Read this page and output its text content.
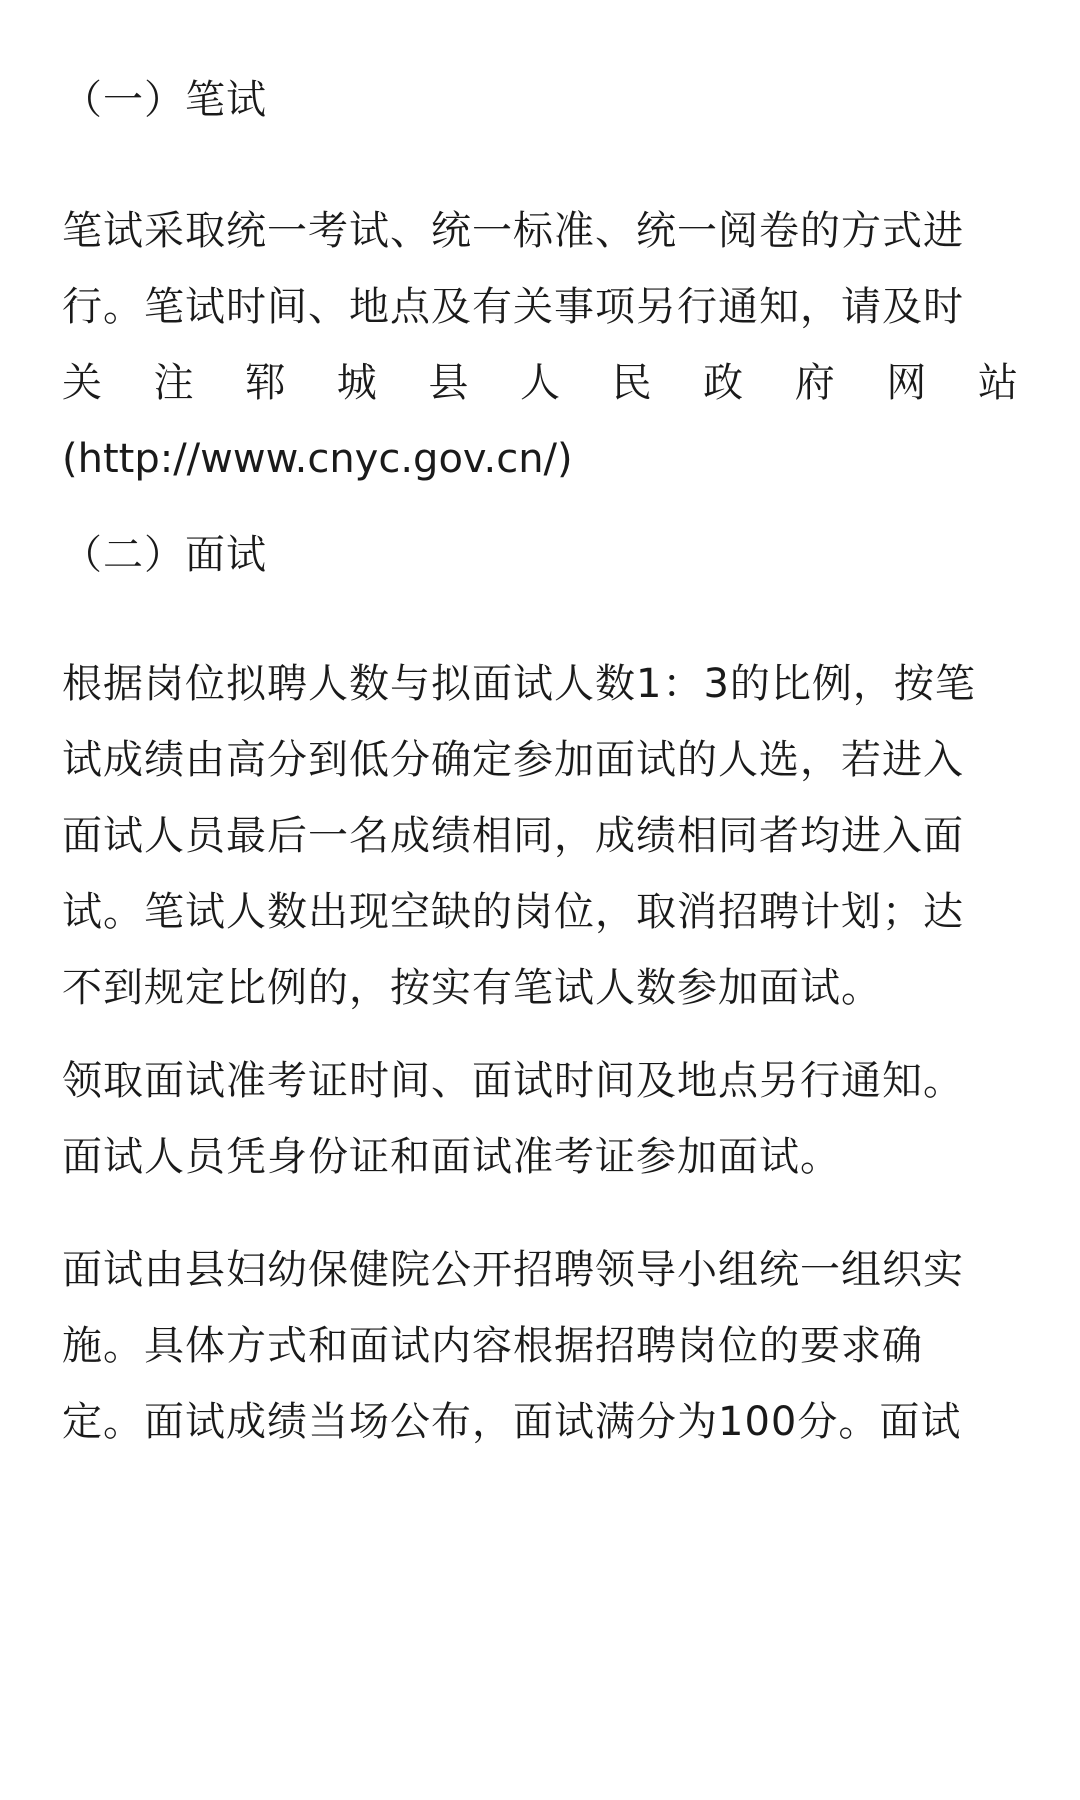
（一）笔试

笔试采取统一考试、统一标准、统一阅卷的方式进
行。笔试时间、地点及有关事项另行通知，请及时
关 注 郓 城 县 人 民 政 府 网 站
(http://www.cnyc.gov.cn/)

（二）面试

根据岗位拟聘人数与拟面试人数1：3的比例，按笔
试成绩由高分到低分确定参加面试的人选，若进入
面试人员最后一名成绩相同，成绩相同者均进入面
试。笔试人数出现空缺的岗位，取消招聘计划；达
不到规定比例的，按实有笔试人数参加面试。

领取面试准考证时间、面试时间及地点另行通知。
面试人员凭身份证和面试准考证参加面试。

面试由县妇幼保健院公开招聘领导小组统一组织实
施。具体方式和面试内容根据招聘岗位的要求确
定。面试成绩当场公布，面试满分为100分。面试
